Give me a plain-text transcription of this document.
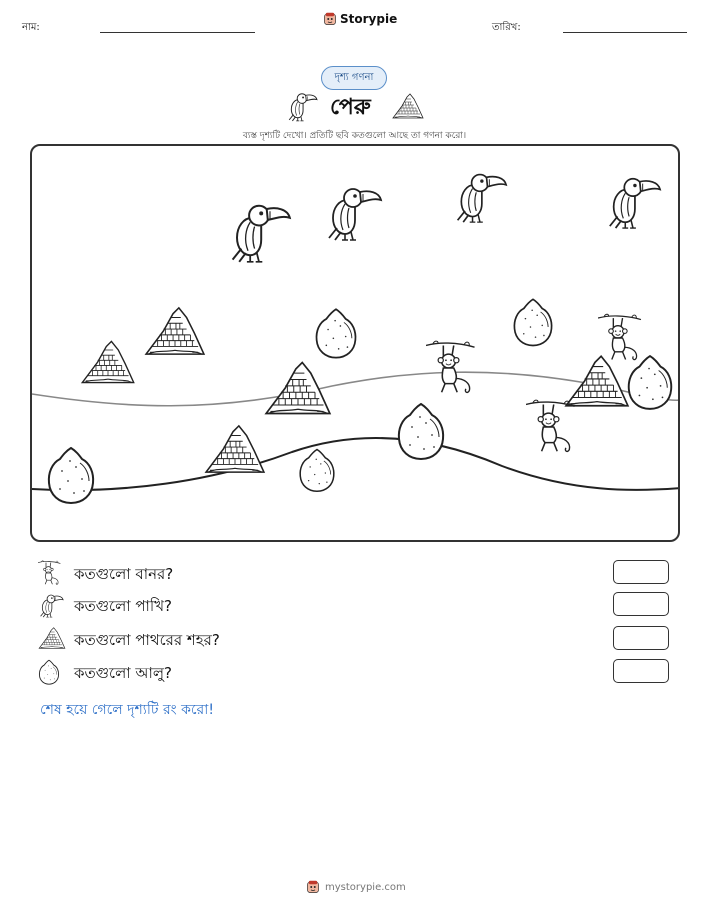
নাম:
Storypie
তারিখ:
দৃশ্য গণনা
পেরু
ব্যস্ত দৃশ্যটি দেখো। প্রতিটি ছবি কতগুলো আছে তা গণনা করো।
কতগুলো বানর?
কতগুলো পাখি?
কতগুলো পাথরের শহর?
কতগুলো আলু?
শেষ হয়ে গেলে দৃশ্যটি রং করো!
mystorypie.com
